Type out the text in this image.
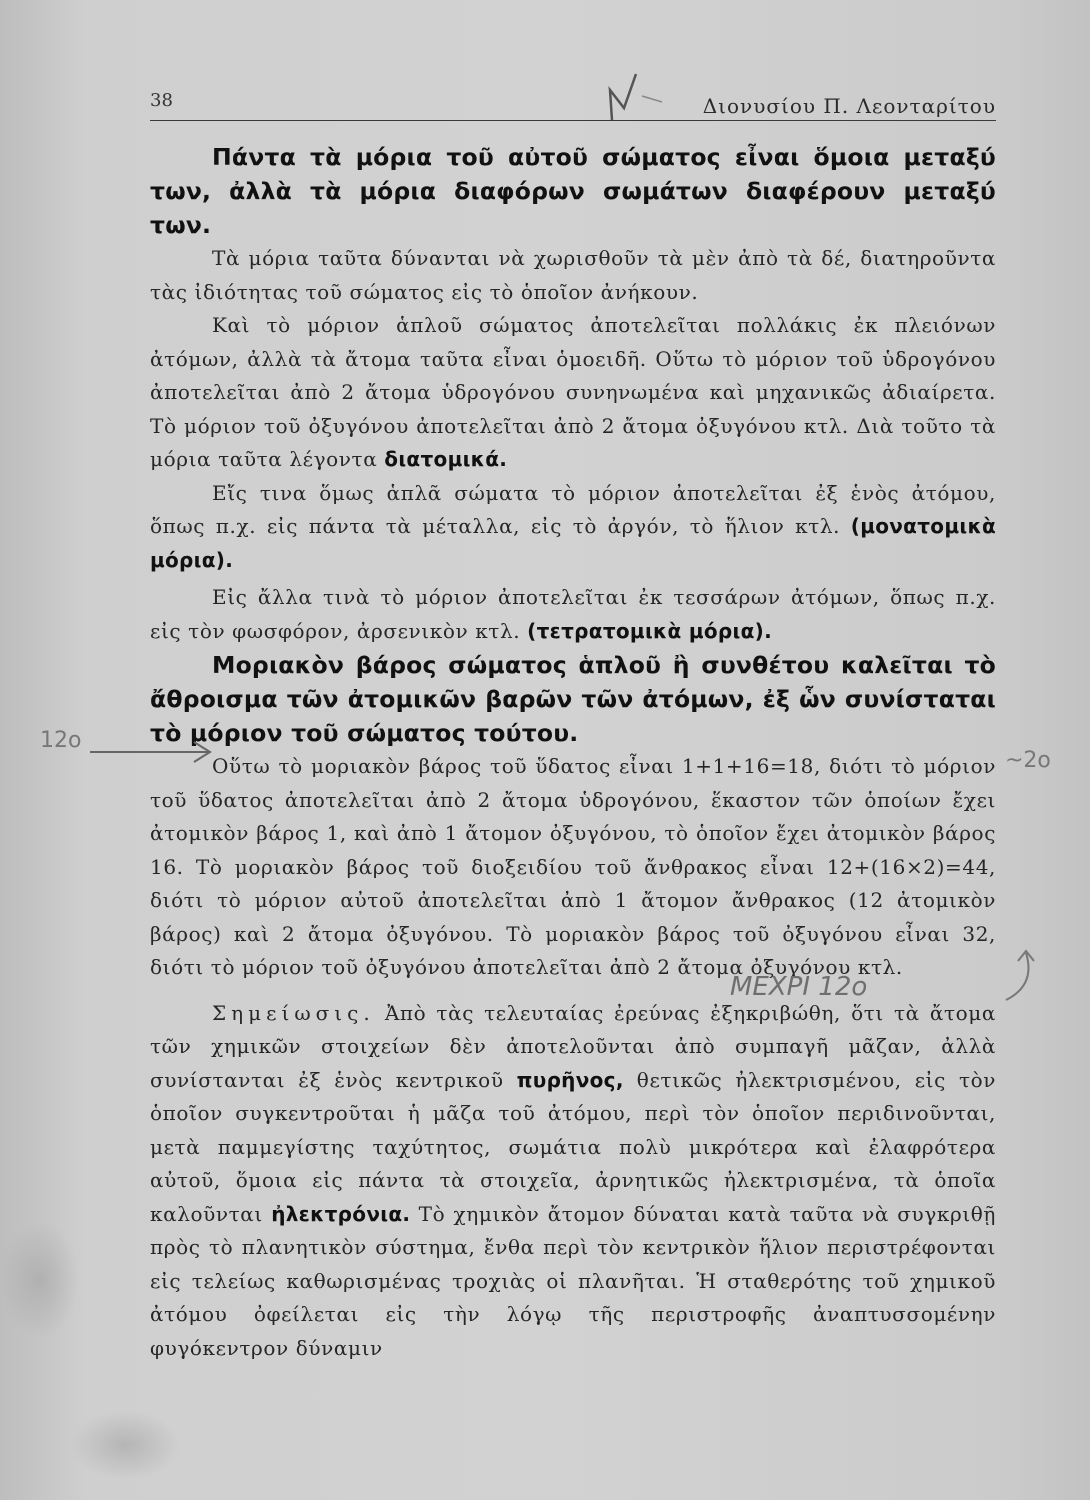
38	Διονυσίου Π. Λεονταρίτου

Πάντα τὰ μόρια τοῦ αὐτοῦ σώματος εἶναι ὅμοια μεταξύ των, ἀλλὰ τὰ μόρια διαφόρων σωμάτων διαφέρουν μεταξύ των.

Τὰ μόρια ταῦτα δύνανται νὰ χωρισθοῦν τὰ μὲν ἀπὸ τὰ δέ, διατηροῦντα τὰς ἰδιότητας τοῦ σώματος εἰς τὸ ὁποῖον ἀνήκουν.

Καὶ τὸ μόριον ἁπλοῦ σώματος ἀποτελεῖται πολλάκις ἐκ πλειόνων ἀτόμων, ἀλλὰ τὰ ἄτομα ταῦτα εἶναι ὁμοειδῆ. Οὕτω τὸ μόριον τοῦ ὑδρογόνου ἀποτελεῖται ἀπὸ 2 ἄτομα ὑδρογόνου συνηνωμένα καὶ μηχανικῶς ἀδιαίρετα. Τὸ μόριον τοῦ ὀξυγόνου ἀποτελεῖται ἀπὸ 2 ἄτομα ὀξυγόνου κτλ. Διὰ τοῦτο τὰ μόρια ταῦτα λέγοντα διατομικά.

Εἴς τινα ὅμως ἁπλᾶ σώματα τὸ μόριον ἀποτελεῖται ἐξ ἑνὸς ἀτόμου, ὅπως π.χ. εἰς πάντα τὰ μέταλλα, εἰς τὸ ἀργόν, τὸ ἥλιον κτλ. (μονατομικὰ μόρια).

Εἰς ἄλλα τινὰ τὸ μόριον ἀποτελεῖται ἐκ τεσσάρων ἀτόμων, ὅπως π.χ. εἰς τὸν φωσφόρον, ἀρσενικὸν κτλ. (τετρατομικὰ μόρια).

Μοριακὸν βάρος σώματος ἁπλοῦ ἢ συνθέτου καλεῖται τὸ ἄθροισμα τῶν ἀτομικῶν βαρῶν τῶν ἀτόμων, ἐξ ὧν συνίσταται τὸ μόριον τοῦ σώματος τούτου.

Οὕτω τὸ μοριακὸν βάρος τοῦ ὕδατος εἶναι 1+1+16=18, διότι τὸ μόριον τοῦ ὕδατος ἀποτελεῖται ἀπὸ 2 ἄτομα ὑδρογόνου, ἕκαστον τῶν ὁποίων ἔχει ἀτομικὸν βάρος 1, καὶ ἀπὸ 1 ἄτομον ὀξυγόνου, τὸ ὁποῖον ἔχει ἀτομικὸν βάρος 16. Τὸ μοριακὸν βάρος τοῦ διοξειδίου τοῦ ἄνθρακος εἶναι 12+(16×2)=44, διότι τὸ μόριον αὐτοῦ ἀποτελεῖται ἀπὸ 1 ἄτομον ἄνθρακος (12 ἀτομικὸν βάρος) καὶ 2 ἄτομα ὀξυγόνου. Τὸ μοριακὸν βάρος τοῦ ὀξυγόνου εἶναι 32, διότι τὸ μόριον τοῦ ὀξυγόνου ἀποτελεῖται ἀπὸ 2 ἄτομα ὀξυγόνου κτλ.

Σημείωσις. Ἀπὸ τὰς τελευταίας ἐρεύνας ἐξηκριβώθη, ὅτι τὰ ἄτομα τῶν χημικῶν στοιχείων δὲν ἀποτελοῦνται ἀπὸ συμπαγῆ μᾶζαν, ἀλλὰ συνίστανται ἐξ ἑνὸς κεντρικοῦ πυρῆνος, θετικῶς ἠλεκτρισμένου, εἰς τὸν ὁποῖον συγκεντροῦται ἡ μᾶζα τοῦ ἀτόμου, περὶ τὸν ὁποῖον περιδινοῦνται, μετὰ παμμεγίστης ταχύτητος, σωμάτια πολὺ μικρότερα καὶ ἐλαφρότερα αὐτοῦ, ὅμοια εἰς πάντα τὰ στοιχεῖα, ἀρνητικῶς ἠλεκτρισμένα, τὰ ὁποῖα καλοῦνται ἠλεκτρόνια. Τὸ χημικὸν ἄτομον δύναται κατὰ ταῦτα νὰ συγκριθῇ πρὸς τὸ πλανητικὸν σύστημα, ἔνθα περὶ τὸν κεντρικὸν ἥλιον περιστρέφονται εἰς τελείως καθωρισμένας τροχιὰς οἱ πλανῆται. Ἡ σταθερότης τοῦ χημικοῦ ἀτόμου ὀφείλεται εἰς τὴν λόγῳ τῆς περιστροφῆς ἀναπτυσσομένην φυγόκεντρον δύναμιν

12ο
~2ο
ΜΕΧΡΙ 12ο
